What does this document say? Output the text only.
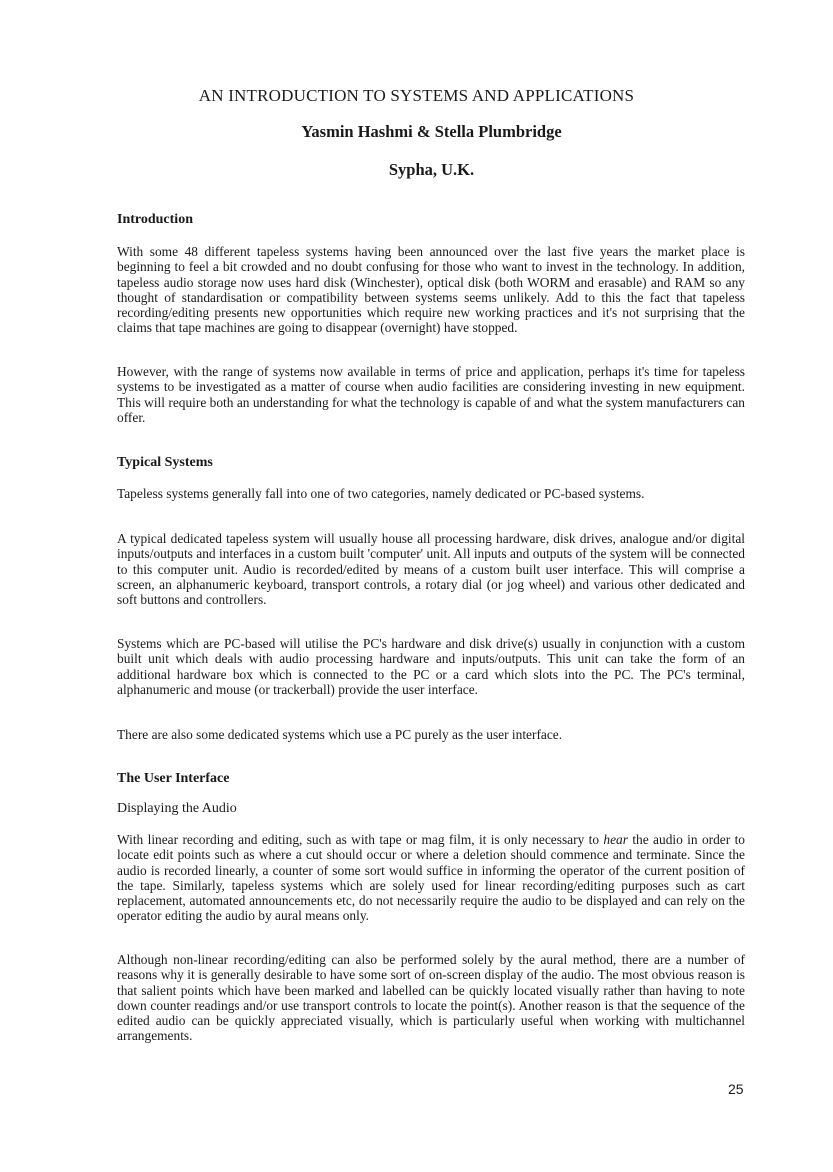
AN INTRODUCTION TO SYSTEMS AND APPLICATIONS

Yasmin Hashmi & Stella Plumbridge

Sypha, U.K.

Introduction

With some 48 different tapeless systems having been announced over the last five years the market place is beginning to feel a bit crowded and no doubt confusing for those who want to invest in the technology. In addition, tapeless audio storage now uses hard disk (Winchester), optical disk (both WORM and erasable) and RAM so any thought of standardisation or compatibility between systems seems unlikely. Add to this the fact that tapeless recording/editing presents new opportunities which require new working practices and it's not surprising that the claims that tape machines are going to disappear (overnight) have stopped.

However, with the range of systems now available in terms of price and application, perhaps it's time for tapeless systems to be investigated as a matter of course when audio facilities are considering investing in new equipment. This will require both an understanding for what the technology is capable of and what the system manufacturers can offer.

Typical Systems

Tapeless systems generally fall into one of two categories, namely dedicated or PC-based systems.

A typical dedicated tapeless system will usually house all processing hardware, disk drives, analogue and/or digital inputs/outputs and interfaces in a custom built 'computer' unit. All inputs and outputs of the system will be connected to this computer unit. Audio is recorded/edited by means of a custom built user interface. This will comprise a screen, an alphanumeric keyboard, transport controls, a rotary dial (or jog wheel) and various other dedicated and soft buttons and controllers.

Systems which are PC-based will utilise the PC's hardware and disk drive(s) usually in conjunction with a custom built unit which deals with audio processing hardware and inputs/outputs. This unit can take the form of an additional hardware box which is connected to the PC or a card which slots into the PC. The PC's terminal, alphanumeric and mouse (or trackerball) provide the user interface.

There are also some dedicated systems which use a PC purely as the user interface.

The User Interface
Displaying the Audio

With linear recording and editing, such as with tape or mag film, it is only necessary to hear the audio in order to locate edit points such as where a cut should occur or where a deletion should commence and terminate. Since the audio is recorded linearly, a counter of some sort would suffice in informing the operator of the current position of the tape. Similarly, tapeless systems which are solely used for linear recording/editing purposes such as cart replacement, automated announcements etc, do not necessarily require the audio to be displayed and can rely on the operator editing the audio by aural means only.

Although non-linear recording/editing can also be performed solely by the aural method, there are a number of reasons why it is generally desirable to have some sort of on-screen display of the audio. The most obvious reason is that salient points which have been marked and labelled can be quickly located visually rather than having to note down counter readings and/or use transport controls to locate the point(s). Another reason is that the sequence of the edited audio can be quickly appreciated visually, which is particularly useful when working with multichannel arrangements.

25
